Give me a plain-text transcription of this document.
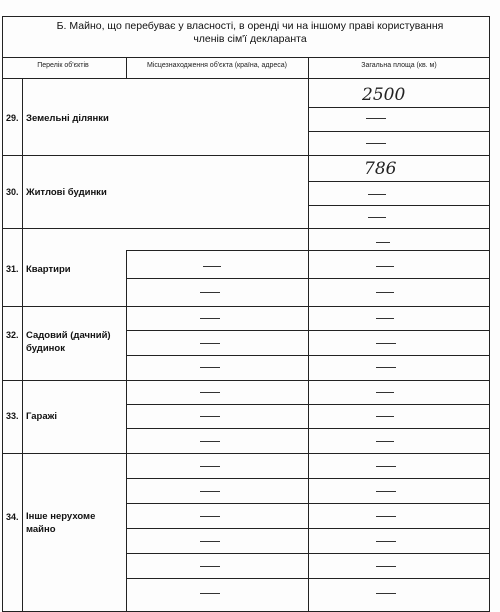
Б. Майно, що перебуває у власності, в оренді чи на іншому праві користування
членів сім'ї декларанта
Перелік об'єктів	Місцезнаходження об'єкта (країна, адреса)	Загальна площа (кв. м)
29. Земельні ділянки
30. Житлові будинки
31. Квартири
32. Садовий (дачний) будинок
33. Гаражі
34. Інше нерухоме майно
2500
786
